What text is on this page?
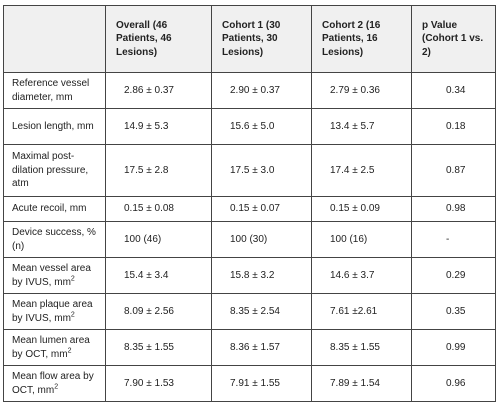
	Overall (46 Patients, 46 Lesions)	Cohort 1 (30 Patients, 30 Lesions)	Cohort 2 (16 Patients, 16 Lesions)	p Value (Cohort 1 vs. 2)
Reference vessel diameter, mm	2.86 ± 0.37	2.90 ± 0.37	2.79 ± 0.36	0.34
Lesion length, mm	14.9 ± 5.3	15.6 ± 5.0	13.4 ± 5.7	0.18
Maximal post-dilation pressure, atm	17.5 ± 2.8	17.5 ± 3.0	17.4 ± 2.5	0.87
Acute recoil, mm	0.15 ± 0.08	0.15 ± 0.07	0.15 ± 0.09	0.98
Device success, % (n)	100 (46)	100 (30)	100 (16)	-
Mean vessel area by IVUS, $mm^2$	15.4 ± 3.4	15.8 ± 3.2	14.6 ± 3.7	0.29
Mean plaque area by IVUS, $mm^2$	8.09 ± 2.56	8.35 ± 2.54	7.61 ±2.61	0.35
Mean lumen area by OCT, $mm^2$	8.35 ± 1.55	8.36 ± 1.57	8.35 ± 1.55	0.99
Mean flow area by OCT, $mm^2$	7.90 ± 1.53	7.91 ± 1.55	7.89 ± 1.54	0.96
